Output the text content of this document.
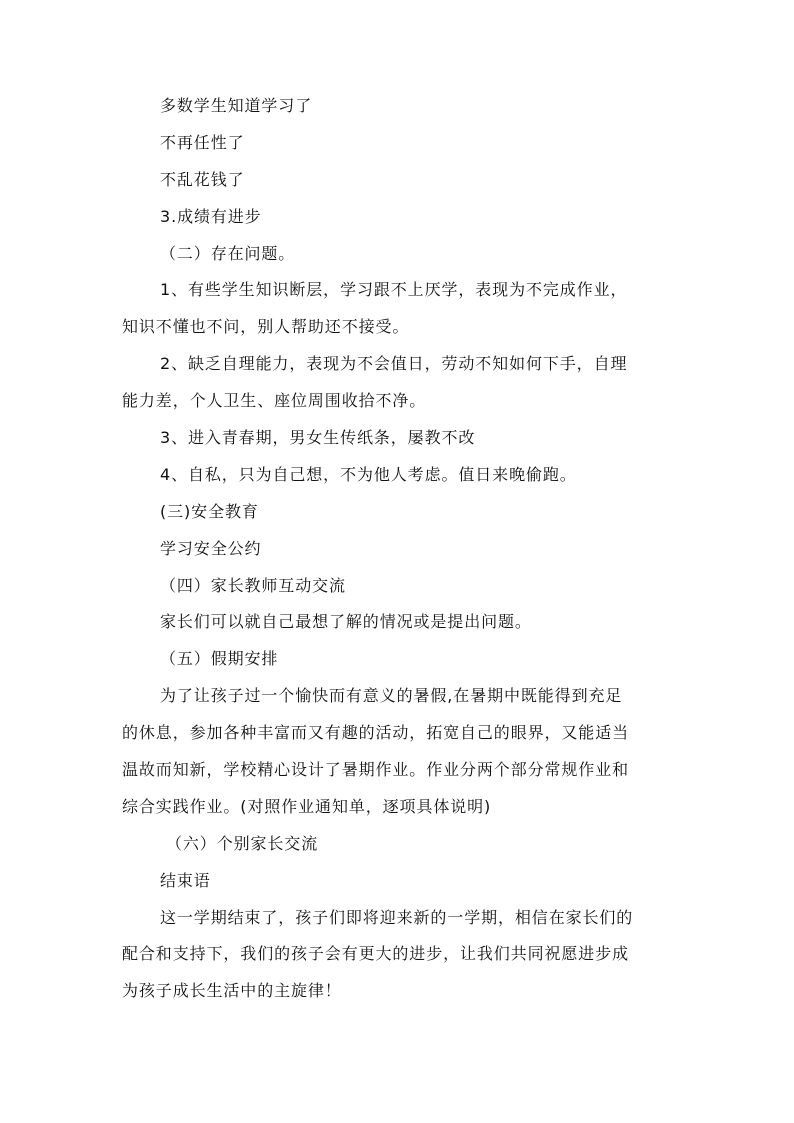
多数学生知道学习了
不再任性了
不乱花钱了
3.成绩有进步
（二）存在问题。
1、有些学生知识断层，学习跟不上厌学，表现为不完成作业，
知识不懂也不问，别人帮助还不接受。
2、缺乏自理能力，表现为不会值日，劳动不知如何下手，自理
能力差，个人卫生、座位周围收拾不净。
3、进入青春期，男女生传纸条，屡教不改
4、自私，只为自己想，不为他人考虑。值日来晚偷跑。
(三)安全教育
学习安全公约
（四）家长教师互动交流
家长们可以就自己最想了解的情况或是提出问题。
（五）假期安排
为了让孩子过一个愉快而有意义的暑假,在暑期中既能得到充足
的休息，参加各种丰富而又有趣的活动，拓宽自己的眼界，又能适当
温故而知新，学校精心设计了暑期作业。作业分两个部分常规作业和
综合实践作业。(对照作业通知单，逐项具体说明)
（六）个别家长交流
结束语
这一学期结束了，孩子们即将迎来新的一学期，相信在家长们的
配合和支持下，我们的孩子会有更大的进步，让我们共同祝愿进步成
为孩子成长生活中的主旋律！
